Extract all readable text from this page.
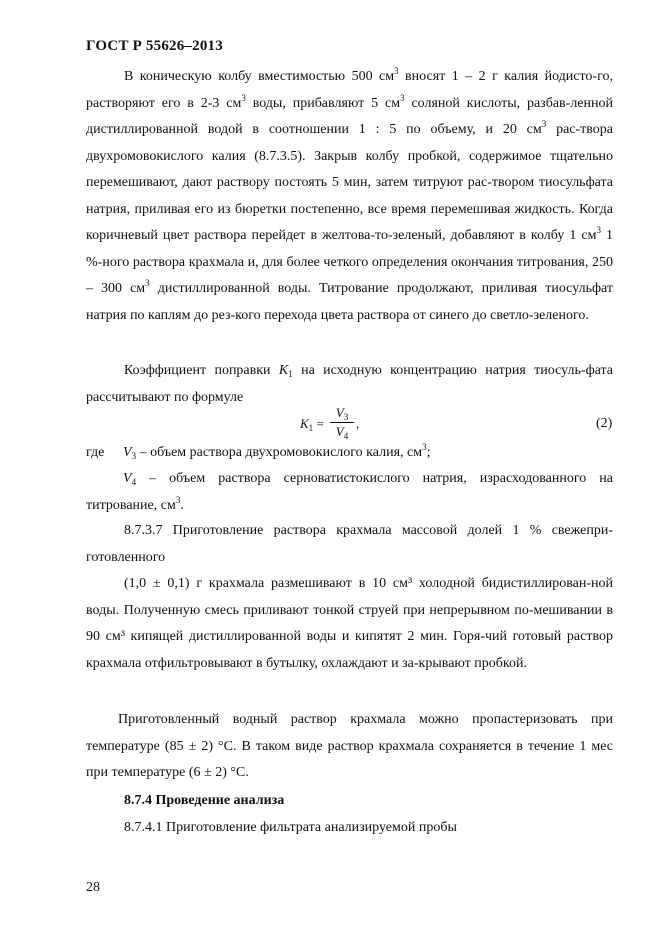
ГОСТ Р 55626–2013
В коническую колбу вместимостью 500 $см^3$ вносят 1 – 2 г калия йодисто-го, растворяют его в 2-3 $см^3$ воды, прибавляют 5 $см^3$ соляной кислоты, разбав-ленной дистиллированной водой в соотношении 1 : 5 по объему, и 20 $см^3$ рас-твора двухромовокислого калия (8.7.3.5). Закрыв колбу пробкой, содержимое тщательно перемешивают, дают раствору постоять 5 мин, затем титруют рас-твором тиосульфата натрия, приливая его из бюретки постепенно, все время перемешивая жидкость. Когда коричневый цвет раствора перейдет в желтова-то-зеленый, добавляют в колбу 1 $см^3$ 1 %-ного раствора крахмала и, для более четкого определения окончания титрования, 250 – 300 $см^3$ дистиллированной воды. Титрование продолжают, приливая тиосульфат натрия по каплям до рез-кого перехода цвета раствора от синего до светло-зеленого.
Коэффициент поправки $K_1$ на исходную концентрацию натрия тиосуль-фата рассчитывают по формуле
$K_1$ =
$V_3$
$V_4$
,	(2)
где $V_3$ – объем раствора двухромовокислого калия, $см^3$;
$V_4$ – объем раствора серноватистокислого натрия, израсходованного на титрование, $см^3$.
8.7.3.7 Приготовление раствора крахмала массовой долей 1 % свежепри-готовленного
(1,0 ± 0,1) г крахмала размешивают в 10 см³ холодной бидистиллирован-ной воды. Полученную смесь приливают тонкой струей при непрерывном по-мешивании в 90 см³ кипящей дистиллированной воды и кипятят 2 мин. Горя-чий готовый раствор крахмала отфильтровывают в бутылку, охлаждают и за-крывают пробкой.
Приготовленный водный раствор крахмала можно пропастеризовать при температуре (85 ± 2) °С. В таком виде раствор крахмала сохраняется в течение 1 мес при температуре (6 ± 2) °С.
8.7.4 Проведение анализа
8.7.4.1 Приготовление фильтрата анализируемой пробы
28
